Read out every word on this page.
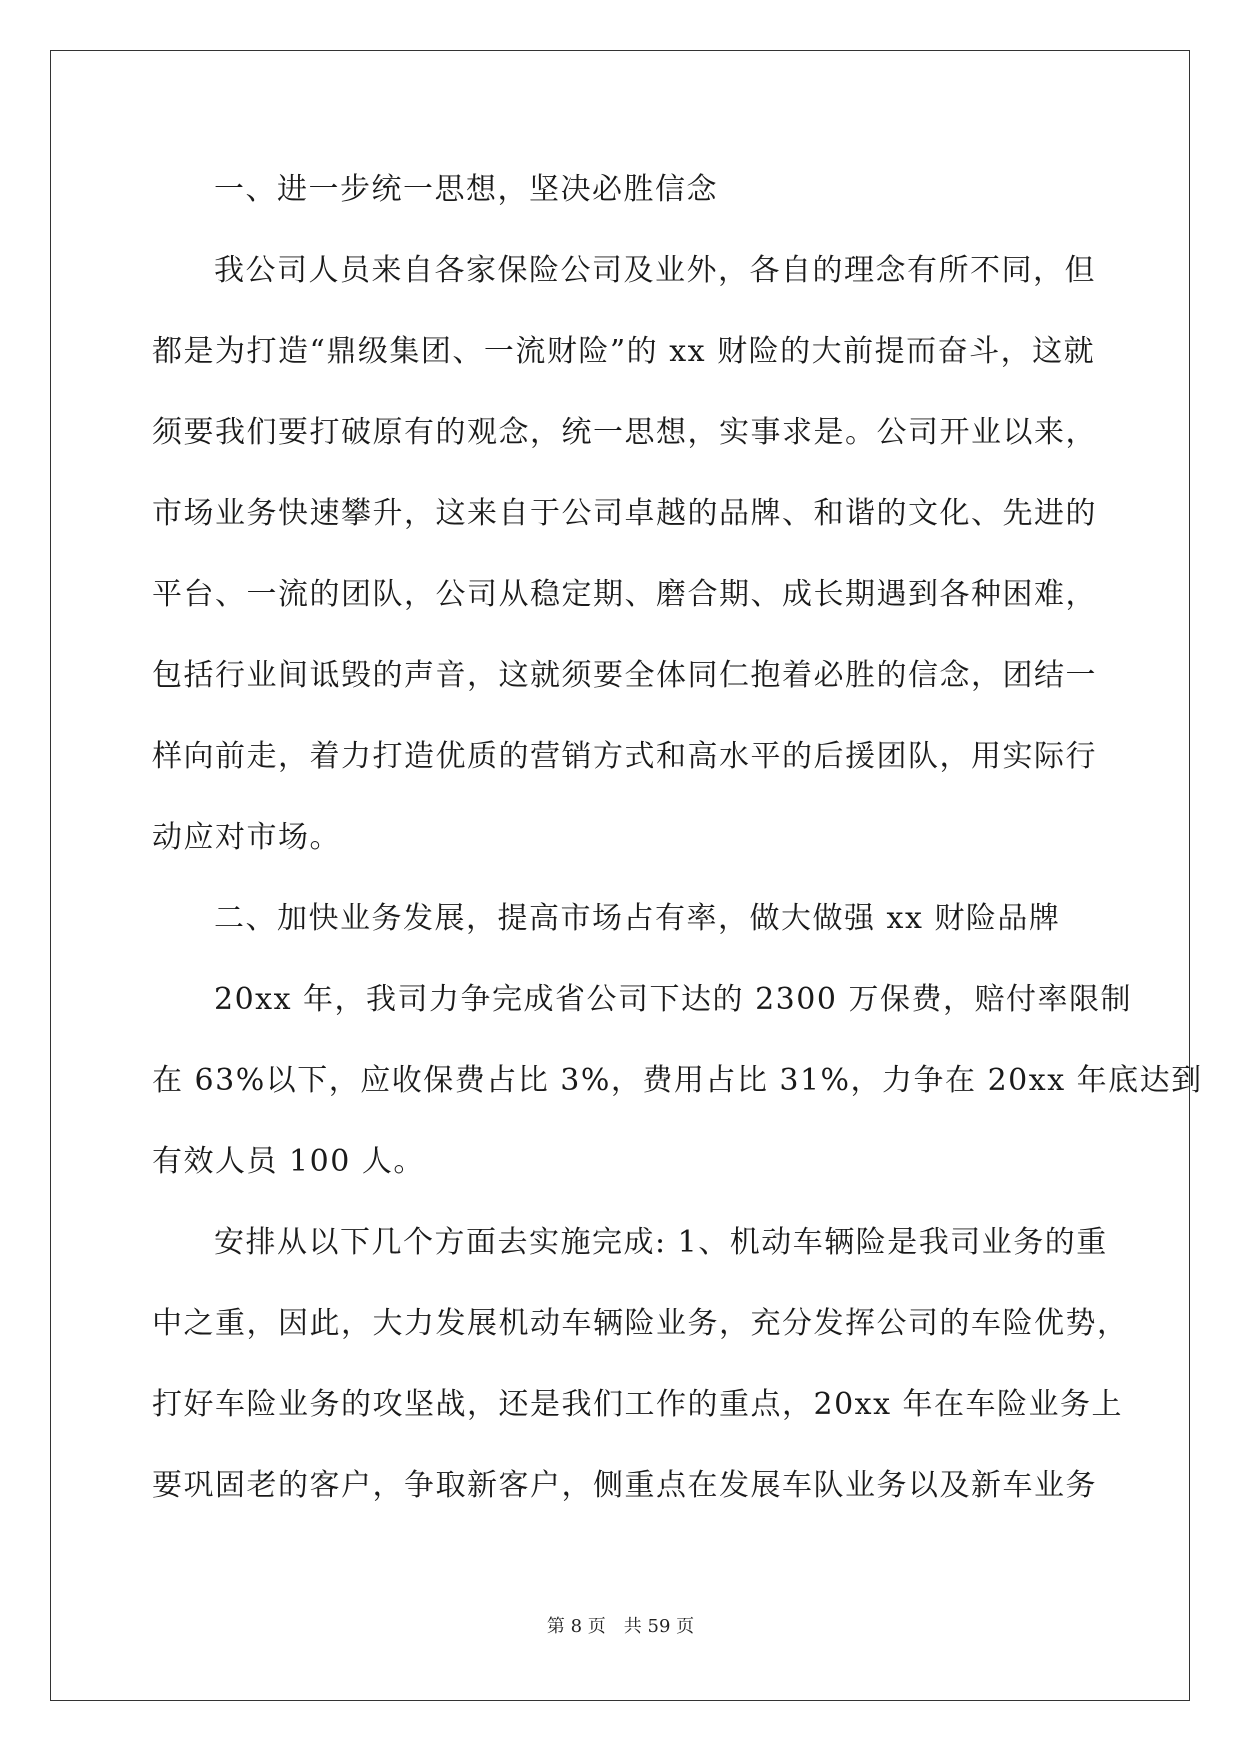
一、进一步统一思想，坚决必胜信念
我公司人员来自各家保险公司及业外，各自的理念有所不同，但
都是为打造“鼎级集团、一流财险”的 xx 财险的大前提而奋斗，这就
须要我们要打破原有的观念，统一思想，实事求是。公司开业以来，
市场业务快速攀升，这来自于公司卓越的品牌、和谐的文化、先进的
平台、一流的团队，公司从稳定期、磨合期、成长期遇到各种困难，
包括行业间诋毁的声音，这就须要全体同仁抱着必胜的信念，团结一
样向前走，着力打造优质的营销方式和高水平的后援团队，用实际行
动应对市场。
二、加快业务发展，提高市场占有率，做大做强 xx 财险品牌
20xx 年，我司力争完成省公司下达的 2300 万保费，赔付率限制
在 63%以下，应收保费占比 3%，费用占比 31%，力争在 20xx 年底达到
有效人员 100 人。
安排从以下几个方面去实施完成: 1、机动车辆险是我司业务的重
中之重，因此，大力发展机动车辆险业务，充分发挥公司的车险优势，
打好车险业务的攻坚战，还是我们工作的重点，20xx 年在车险业务上
要巩固老的客户，争取新客户，侧重点在发展车队业务以及新车业务
第 8 页 共 59 页
